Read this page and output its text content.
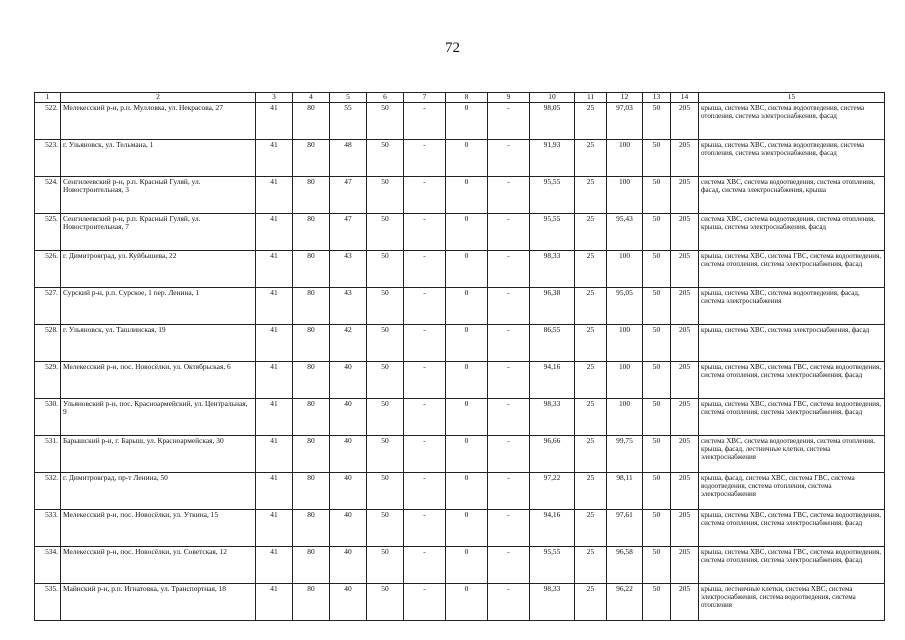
72
1	2	3	4	5	6	7	8	9	10	11	12	13	14	15
522.	Мелекесский р-н, р.п. Мулловка, ул. Некрасова, 27	41	80	55	50	-	0	-	98,05	25	97,03	50	205	крыша, система ХВС, система водоотведения, система отопления, система электроснабжения, фасад
523.	г. Ульяновск, ул. Тельмана, 1	41	80	48	50	-	0	-	91,93	25	100	50	205	крыша, система ХВС, система водоотведения, система отопления, система электроснабжения, фасад
524.	Сенгилеевский р-н, р.п. Красный Гуляй, ул. Новостроительная, 3	41	80	47	50	-	0	-	95,55	25	100	50	205	система ХВС, система водоотведения, система отопления, фасад, система электроснабжения, крыша
525.	Сенгилеевский р-н, р.п. Красный Гуляй, ул. Новостроительная, 7	41	80	47	50	-	0	-	95,55	25	95,43	50	205	система ХВС, система водоотведения, система отопления, крыша, система электроснабжения, фасад
526.	г. Димитровград, ул. Куйбышева, 22	41	80	43	50	-	0	-	98,33	25	100	50	205	крыша, система ХВС, система ГВС, система водоотведения, система отопления, система электроснабжения, фасад
527.	Сурский р-н, р.п. Сурское, 1 пер. Ленина, 1	41	80	43	50	-	0	-	96,38	25	95,05	50	205	крыша, система ХВС, система водоотведения, фасад, система электроснабжения
528.	г. Ульяновск, ул. Ташлинская, 19	41	80	42	50	-	0	-	86,55	25	100	50	205	крыша, система ХВС, система электроснабжения, фасад
529.	Мелекесский р-н, пос. Новосёлки, ул. Октябрьская, 6	41	80	40	50	-	0	-	94,16	25	100	50	205	крыша, система ХВС, система ГВС, система водоотведения, система отопления, система электроснабжения, фасад
530.	Ульяновский р-н, пос. Красноармейский, ул. Центральная, 9	41	80	40	50	-	0	-	98,33	25	100	50	205	крыша, система ХВС, система ГВС, система водоотведения, система отопления, система электроснабжения, фасад
531.	Барышский р-н, г. Барыш, ул. Красноармейская, 30	41	80	40	50	-	0	-	96,66	25	99,75	50	205	система ХВС, система водоотведения, система отопления, крыша, фасад, лестничные клетки, система электроснабжения
532.	г. Димитровград, пр-т Ленина, 50	41	80	40	50	-	0	-	97,22	25	98,11	50	205	крыша, фасад, система ХВС, система ГВС, система водоотведения, система отопления, система электроснабжения
533.	Мелекесский р-н, пос. Новосёлки, ул. Уткина, 15	41	80	40	50	-	0	-	94,16	25	97,61	50	205	крыша, система ХВС, система ГВС, система водоотведения, система отопления, система электроснабжения, фасад
534.	Мелекесский р-н, пос. Новосёлки, ул. Советская, 12	41	80	40	50	-	0	-	95,55	25	96,58	50	205	крыша, система ХВС, система ГВС, система водоотведения, система отопления, система электроснабжения, фасад
535.	Майнский р-н, р.п. Игнатовка, ул. Транспортная, 18	41	80	40	50	-	0	-	98,33	25	96,22	50	205	крыша, лестничные клетки, система ХВС, система электроснабжения, система водоотведения, система отопления
